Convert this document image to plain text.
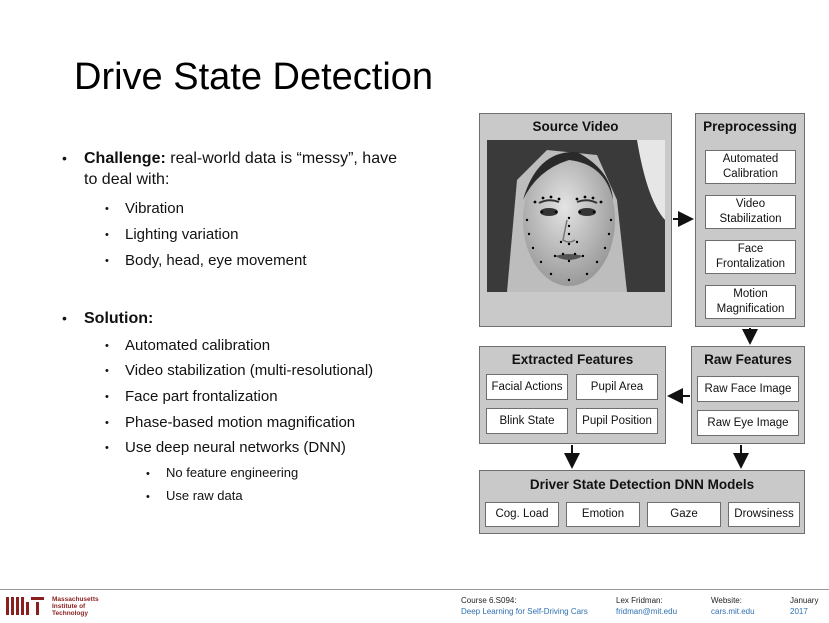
Drive State Detection
•	Challenge: real-world data is “messy”, have
to deal with:
•	Vibration
•	Lighting variation
•	Body, head, eye movement
•	Solution:
•	Automated calibration
•	Video stabilization (multi-resolutional)
•	Face part frontalization
•	Phase-based motion magnification
•	Use deep neural networks (DNN)
•	No feature engineering
•	Use raw data
Source Video	Preprocessing
Automated Calibration
Video Stabilization
Face Frontalization
Motion Magnification
Extracted Features
Facial Actions	Pupil Area
Blink State	Pupil Position
Raw Features
Raw Face Image
Raw Eye Image
Driver State Detection DNN Models
Cog. Load	Emotion	Gaze	Drowsiness
Massachusetts
Institute of
Technology
Course 6.S094:
Deep Learning for Self-Driving Cars
Lex Fridman:
fridman@mit.edu
Website:
cars.mit.edu
January
2017
